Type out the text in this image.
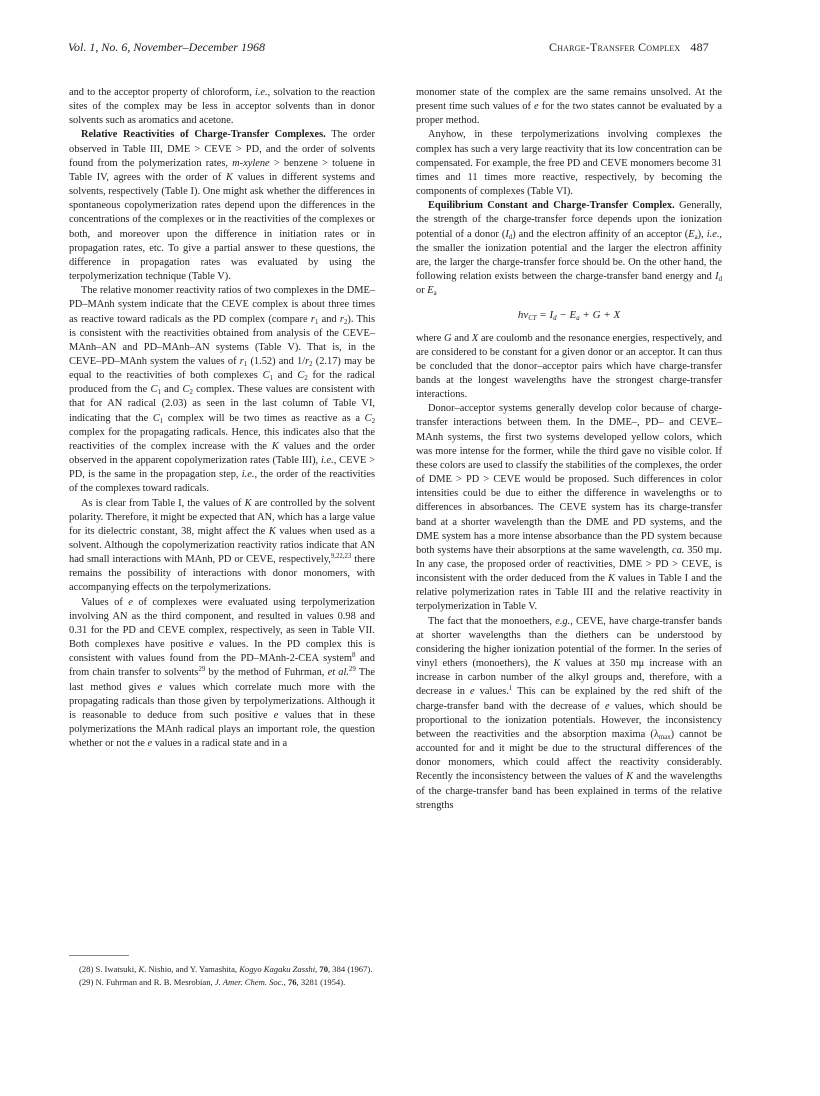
Vol. 1, No. 6, November–December 1968	Charge-Transfer Complex 487

and to the acceptor property of chloroform, i.e., solvation to the reaction sites of the complex may be less in acceptor solvents than in donor solvents such as aromatics and acetone.

Relative Reactivities of Charge-Transfer Complexes. The order observed in Table III, DME > CEVE > PD, and the order of solvents found from the polymerization rates, m-xylene > benzene > toluene in Table IV, agrees with the order of K values in different systems and solvents, respectively (Table I). One might ask whether the differences in spontaneous copolymerization rates depend upon the differences in the concentrations of the complexes or in the reactivities of the complexes or both, and moreover upon the difference in initiation rates or in propagation rates, etc. To give a partial answer to these questions, the difference in propagation rates was evaluated by using the terpolymerization technique (Table V).

The relative monomer reactivity ratios of two complexes in the DME–PD–MAnh system indicate that the CEVE complex is about three times as reactive toward radicals as the PD complex (compare $r_1$ and $r_2$). This is consistent with the reactivities obtained from analysis of the CEVE–MAnh–AN and PD–MAnh–AN systems (Table V). That is, in the CEVE–PD–MAnh system the values of $r_1$ (1.52) and $1/r_2$ (2.17) may be equal to the reactivities of both complexes $C_1$ and $C_2$ for the radical produced from the $C_1$ and $C_2$ complex. These values are consistent with that for AN radical (2.03) as seen in the last column of Table VI, indicating that the $C_1$ complex will be two times as reactive as a $C_2$ complex for the propagating radicals. Hence, this indicates also that the reactivities of the complex increase with the K values and the order observed in the apparent copolymerization rates (Table III), i.e., CEVE > PD, is the same in the propagation step, i.e., the order of the reactivities of the complexes toward radicals.

As is clear from Table I, the values of K are controlled by the solvent polarity. Therefore, it might be expected that AN, which has a large value for its dielectric constant, 38, might affect the K values when used as a solvent. Although the copolymerization reactivity ratios indicate that AN had small interactions with MAnh, PD or CEVE, respectively,$^{9,22,23}$ there remains the possibility of interactions with donor monomers, with accompanying effects on the terpolymerizations.

Values of e of complexes were evaluated using terpolymerization involving AN as the third component, and resulted in values 0.98 and 0.31 for the PD and CEVE complex, respectively, as seen in Table VII. Both complexes have positive e values. In the PD complex this is consistent with values found from the PD–MAnh-2-CEA system$^8$ and from chain transfer to solvents$^{29}$ by the method of Fuhrman, et al.$^{29}$ The last method gives e values which correlate much more with the propagating radicals than those given by terpolymerizations. Although it is reasonable to deduce from such positive e values that in these polymerizations the MAnh radical plays an important role, the question whether or not the e values in a radical state and in a

monomer state of the complex are the same remains unsolved. At the present time such values of e for the two states cannot be evaluated by a proper method.

Anyhow, in these terpolymerizations involving complexes the complex has such a very large reactivity that its low concentration can be compensated. For example, the free PD and CEVE monomers become 31 times and 11 times more reactive, respectively, by becoming the components of complexes (Table VI).

Equilibrium Constant and Charge-Transfer Complex. Generally, the strength of the charge-transfer force depends upon the ionization potential of a donor $(I_d)$ and the electron affinity of an acceptor $(E_a)$, i.e., the smaller the ionization potential and the larger the electron affinity are, the larger the charge-transfer force should be. On the other hand, the following relation exists between the charge-transfer band energy and $I_d$ or $E_a$

$h\nu_{CT} = I_d - E_a + G + X$

where G and X are coulomb and the resonance energies, respectively, and are considered to be constant for a given donor or an acceptor. It can thus be concluded that the donor–acceptor pairs which have charge-transfer bands at the longest wavelengths have the strongest charge-transfer interactions.

Donor–acceptor systems generally develop color because of charge-transfer interactions between them. In the DME–, PD– and CEVE–MAnh systems, the first two systems developed yellow colors, which was more intense for the former, while the third gave no visible color. If these colors are used to classify the stabilities of the complexes, the order of DME > PD > CEVE would be proposed. Such differences in color intensities could be due to either the difference in wavelengths or to differences in absorbances. The CEVE system has its charge-transfer band at a shorter wavelength than the DME and PD systems, and the DME system has a more intense absorbance than the PD system because both systems have their absorptions at the same wavelength, ca. 350 mμ. In any case, the proposed order of reactivities, DME > PD > CEVE, is inconsistent with the order deduced from the K values in Table I and the relative polymerization rates in Table III and the relative reactivity in terpolymerization in Table V.

The fact that the monoethers, e.g., CEVE, have charge-transfer bands at shorter wavelengths than the diethers can be understood by considering the higher ionization potential of the former. In the series of vinyl ethers (monoethers), the K values at 350 mμ increase with an increase in carbon number of the alkyl groups and, therefore, with a decrease in e values.$^1$ This can be explained by the red shift of the charge-transfer band with the decrease of e values, which should be proportional to the ionization potentials. However, the inconsistency between the reactivities and the absorption maxima $(\lambda_{max})$ cannot be accounted for and it might be due to the structural differences of the donor monomers, which could affect the reactivity considerably. Recently the inconsistency between the values of K and the wavelengths of the charge-transfer band has been explained in terms of the relative strengths

(28) S. Iwatsuki, K. Nishio, and Y. Yamashita, Kogyo Kagaku Zasshi, 70, 384 (1967).

(29) N. Fuhrman and R. B. Mesrobian, J. Amer. Chem. Soc., 76, 3281 (1954).
